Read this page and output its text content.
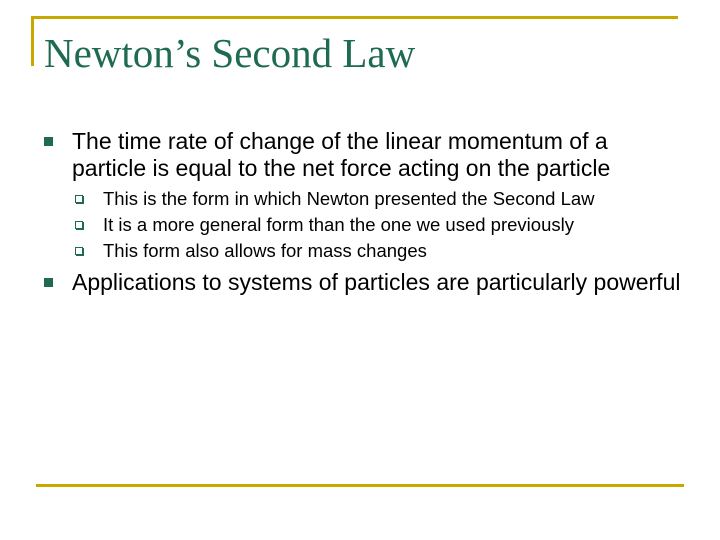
Newton’s Second Law
The time rate of change of the linear momentum of a particle is equal to the net force acting on the particle
This is the form in which Newton presented the Second Law
It is a more general form than the one we used previously
This form also allows for mass changes
Applications to systems of particles are particularly powerful
